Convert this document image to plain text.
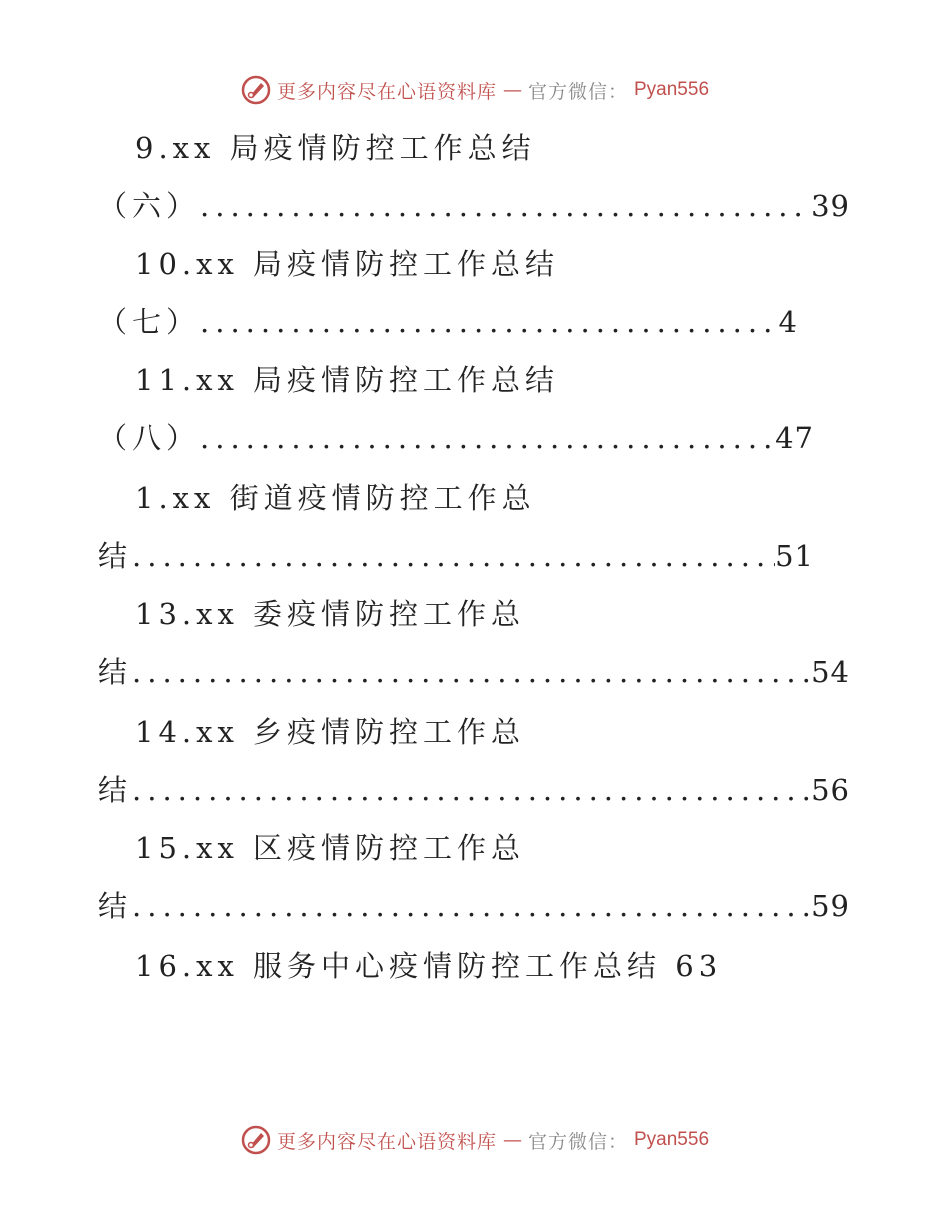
更多内容尽在心语资料库 — 官方微信： Pyan556
9.xx 局疫情防控工作总结
（六） .....	39
10.xx 局疫情防控工作总结
（七） .....	4
11.xx 局疫情防控工作总结
（八） .....	47
1.xx 街道疫情防控工作总
结 .....	51
13.xx 委疫情防控工作总
结 .....	54
14.xx 乡疫情防控工作总
结 .....	56
15.xx 区疫情防控工作总
结 .....	59
16.xx 服务中心疫情防控工作总结 63
更多内容尽在心语资料库 — 官方微信： Pyan556
